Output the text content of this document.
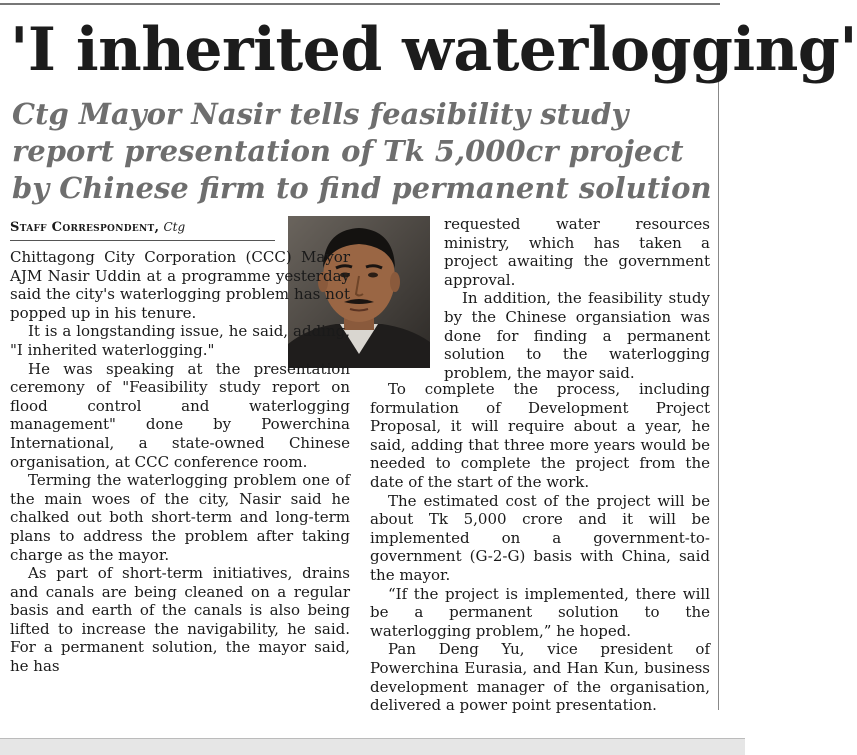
'I inherited waterlogging'
Ctg Mayor Nasir tells feasibility study report presentation of Tk 5,000cr project by Chinese firm to find permanent solution
Staff Correspondent, Ctg

Chittagong City Corporation (CCC) Mayor AJM Nasir Uddin at a programme yesterday said the city's waterlogging problem has not popped up in his tenure.

It is a longstanding issue, he said, adding, "I inherited waterlogging."

He was speaking at the presentation ceremony of "Feasibility study report on flood control and waterlogging management" done by Powerchina International, a state-owned Chinese organisation, at CCC conference room.

Terming the waterlogging problem one of the main woes of the city, Nasir said he chalked out both short-term and long-term plans to address the problem after taking charge as the mayor.

As part of short-term initiatives, drains and canals are being cleaned on a regular basis and earth of the canals is also being lifted to increase the navigability, he said. For a permanent solution, the mayor said, he has

requested water resources ministry, which has taken a project awaiting the government approval.

In addition, the feasibility study by the Chinese organsiation was done for finding a permanent solution to the waterlogging problem, the mayor said.

To complete the process, including formulation of Development Project Proposal, it will require about a year, he said, adding that three more years would be needed to complete the project from the date of the start of the work.

The estimated cost of the project will be about Tk 5,000 crore and it will be implemented on a government-to-government (G-2-G) basis with China, said the mayor.

“If the project is implemented, there will be a permanent solution to the waterlogging problem,” he hoped.

Pan Deng Yu, vice president of Powerchina Eurasia, and Han Kun, business development manager of the organisation, delivered a power point presentation.
